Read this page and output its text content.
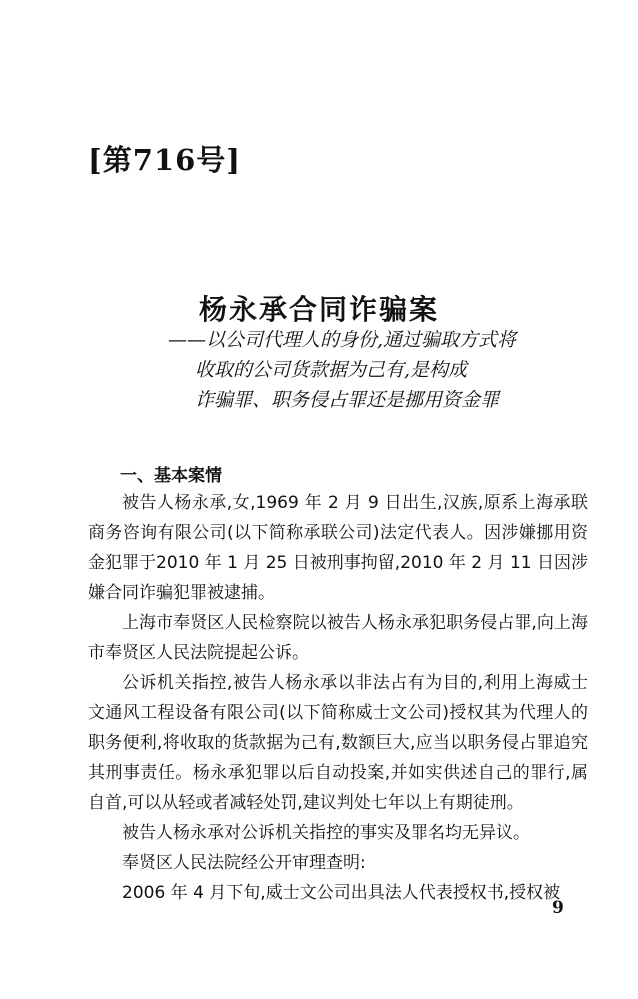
[第716号]
杨永承合同诈骗案
——以公司代理人的身份,通过骗取方式将
收取的公司货款据为己有,是构成
诈骗罪、职务侵占罪还是挪用资金罪
一、基本案情

被告人杨永承,女,1969 年 2 月 9 日出生,汉族,原系上海承联商务咨询有限公司(以下简称承联公司)法定代表人。因涉嫌挪用资金犯罪于2010 年 1 月 25 日被刑事拘留,2010 年 2 月 11 日因涉嫌合同诈骗犯罪被逮捕。

上海市奉贤区人民检察院以被告人杨永承犯职务侵占罪,向上海市奉贤区人民法院提起公诉。

公诉机关指控,被告人杨永承以非法占有为目的,利用上海威士文通风工程设备有限公司(以下简称威士文公司)授权其为代理人的职务便利,将收取的货款据为己有,数额巨大,应当以职务侵占罪追究其刑事责任。杨永承犯罪以后自动投案,并如实供述自己的罪行,属自首,可以从轻或者减轻处罚,建议判处七年以上有期徒刑。

被告人杨永承对公诉机关指控的事实及罪名均无异议。

奉贤区人民法院经公开审理查明:

2006 年 4 月下旬,威士文公司出具法人代表授权书,授权被

9
